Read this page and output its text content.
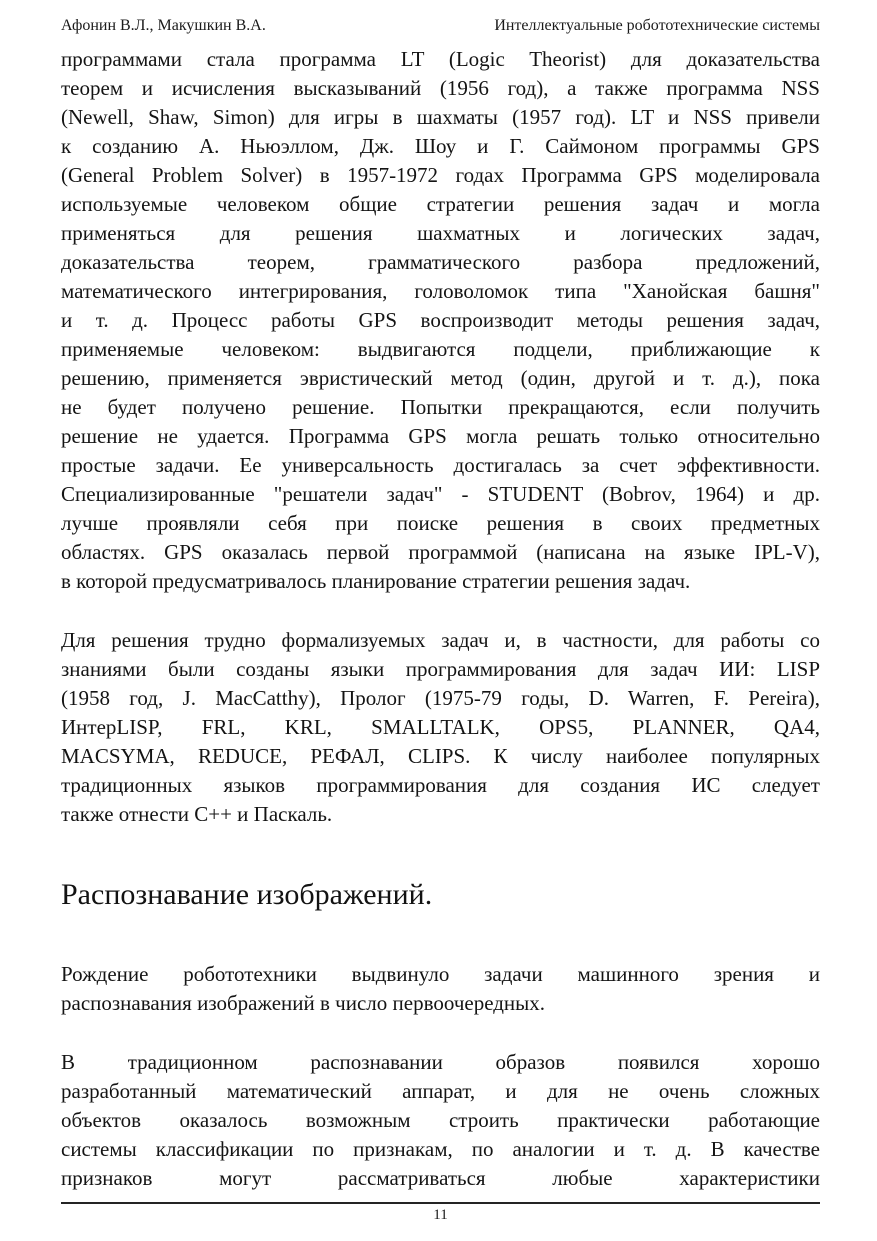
Афонин В.Л., Макушкин В.А.	Интеллектуальные робототехнические системы
программами стала программа LT (Logic Theorist) для доказательства
теорем и исчисления высказываний (1956 год), а также программа NSS
(Newell, Shaw, Simon) для игры в шахматы (1957 год). LT и NSS привели
к созданию А. Ньюэллом, Дж. Шоу и Г. Саймоном программы GPS
(General Problem Solver) в 1957-1972 годах Программа GPS моделировала
используемые человеком общие стратегии решения задач и могла
применяться для решения шахматных и логических задач,
доказательства теорем, грамматического разбора предложений,
математического интегрирования, головоломок типа "Ханойская башня"
и т. д. Процесс работы GPS воспроизводит методы решения задач,
применяемые человеком: выдвигаются подцели, приближающие к
решению, применяется эвристический метод (один, другой и т. д.), пока
не будет получено решение. Попытки прекращаются, если получить
решение не удается. Программа GPS могла решать только относительно
простые задачи. Ее универсальность достигалась за счет эффективности.
Специализированные "решатели задач" - STUDENT (Bobrov, 1964) и др.
лучше проявляли себя при поиске решения в своих предметных
областях. GPS оказалась первой программой (написана на языке IPL-V),
в которой предусматривалось планирование стратегии решения задач.
Для решения трудно формализуемых задач и, в частности, для работы со
знаниями были созданы языки программирования для задач ИИ: LISP
(1958 год, J. MacCatthy), Пролог (1975-79 годы, D. Warren, F. Pereira),
ИнтерLISP, FRL, KRL, SMALLTALK, OPS5, PLANNER, QA4,
MACSYMA, REDUCE, РЕФАЛ, CLIPS. К числу наиболее популярных
традиционных языков программирования для создания ИС следует
также отнести С++ и Паскаль.
Распознавание изображений.
Рождение робототехники выдвинуло задачи машинного зрения и
распознавания изображений в число первоочередных.
В традиционном распознавании образов появился хорошо
разработанный математический аппарат, и для не очень сложных
объектов оказалось возможным строить практически работающие
системы классификации по признакам, по аналогии и т. д. В качестве
признаков могут рассматриваться любые характеристики
11
